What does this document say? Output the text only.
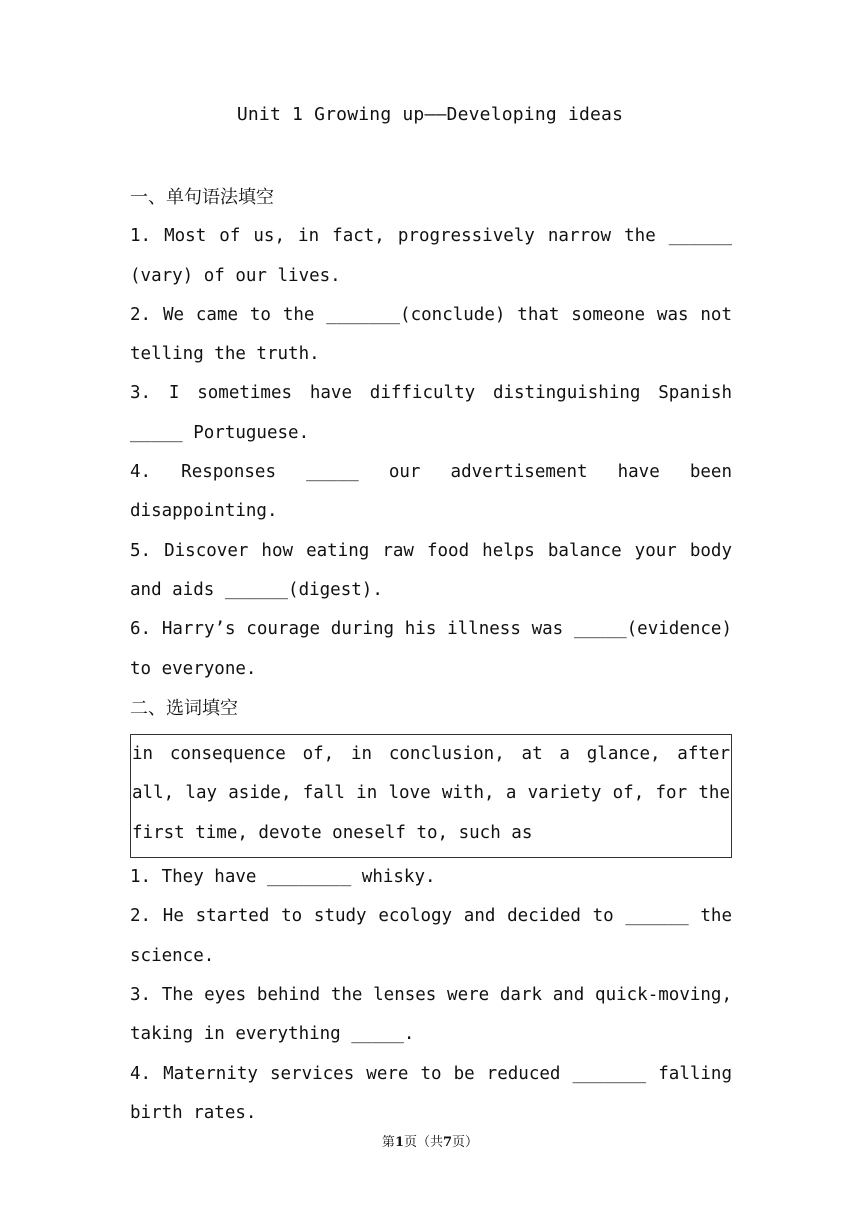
Unit 1 Growing up——Developing ideas
一、单句语法填空
1. Most of us, in fact, progressively narrow the ______ (vary) of our lives.
2. We came to the _______(conclude) that someone was not telling the truth.
3. I sometimes have difficulty distinguishing Spanish _____ Portuguese.
4. Responses _____ our advertisement have been disappointing.
5. Discover how eating raw food helps balance your body and aids ______(digest).
6. Harry’s courage during his illness was _____(evidence) to everyone.
二、选词填空
in consequence of, in conclusion, at a glance, after all, lay aside, fall in love with, a variety of, for the first time, devote oneself to, such as
1. They have ________ whisky.
2. He started to study ecology and decided to ______ the science.
3. The eyes behind the lenses were dark and quick-moving, taking in everything _____.
4. Maternity services were to be reduced _______ falling birth rates.
第1页（共7页）
